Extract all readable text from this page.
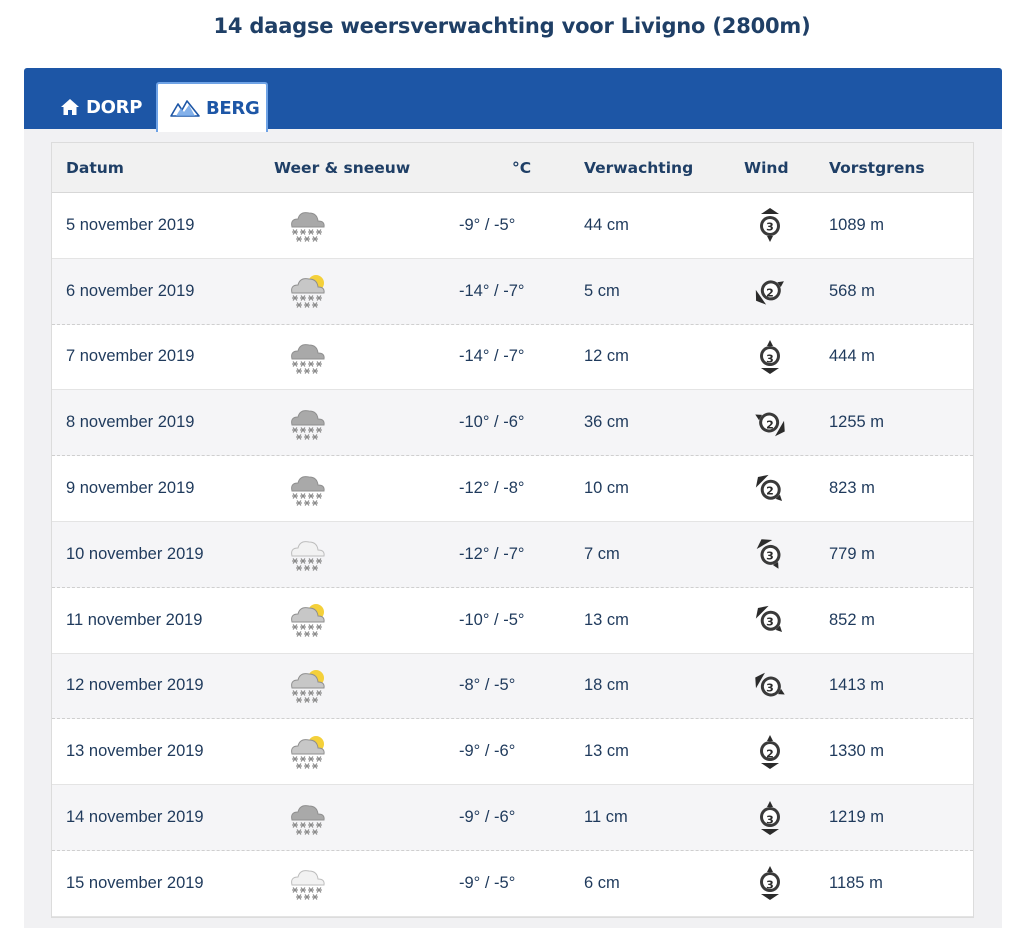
14 daagse weersverwachting voor Livigno (2800m)
DORP	BERG
Datum	Weer & sneeuw	°C	Verwachting	Wind	Vorstgrens
5 november 2019	-9° / -5°	44 cm	3	1089 m
6 november 2019	-14° / -7°	5 cm	2	568 m
7 november 2019	-14° / -7°	12 cm	3	444 m
8 november 2019	-10° / -6°	36 cm	2	1255 m
9 november 2019	-12° / -8°	10 cm	2	823 m
10 november 2019	-12° / -7°	7 cm	3	779 m
11 november 2019	-10° / -5°	13 cm	3	852 m
12 november 2019	-8° / -5°	18 cm	3	1413 m
13 november 2019	-9° / -6°	13 cm	2	1330 m
14 november 2019	-9° / -6°	11 cm	3	1219 m
15 november 2019	-9° / -5°	6 cm	3	1185 m
